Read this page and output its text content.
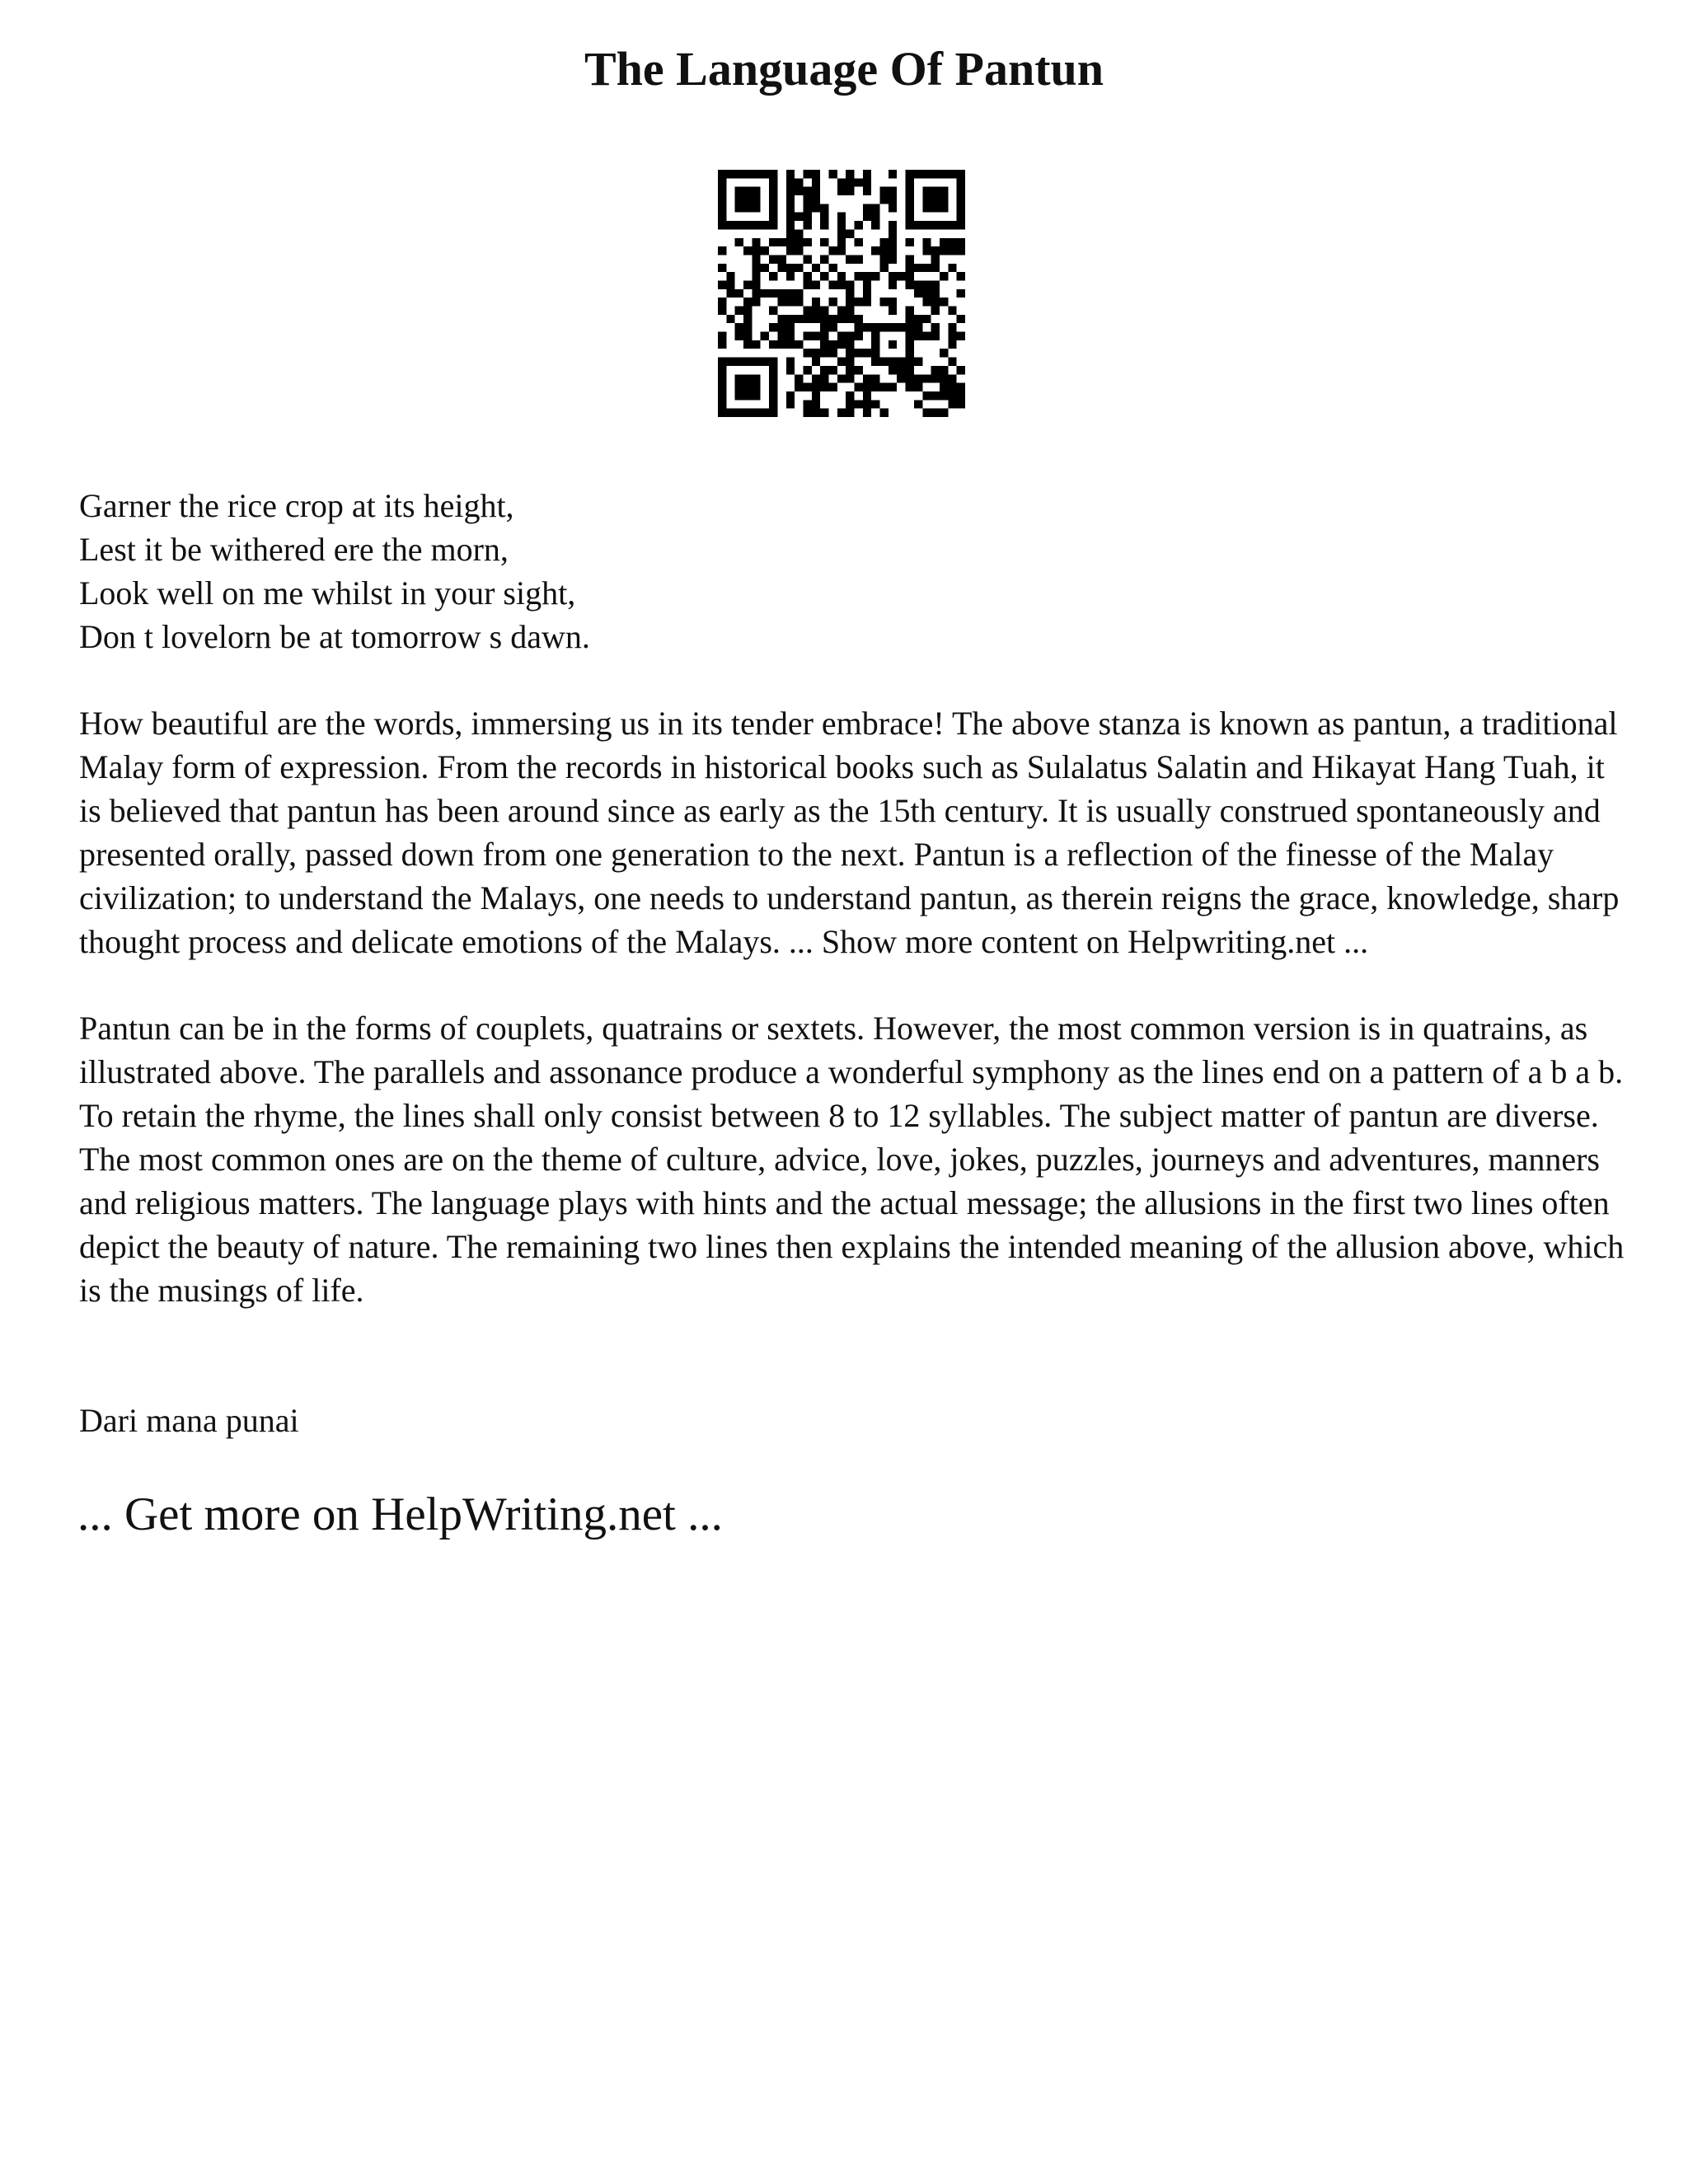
The Language Of Pantun
Garner the rice crop at its height,
Lest it be withered ere the morn,
Look well on me whilst in your sight,
Don t lovelorn be at tomorrow s dawn.

How beautiful are the words, immersing us in its tender embrace! The above stanza is known as pantun, a traditional Malay form of expression. From the records in historical books such as Sulalatus Salatin and Hikayat Hang Tuah, it is believed that pantun has been around since as early as the 15th century. It is usually construed spontaneously and presented orally, passed down from one generation to the next. Pantun is a reflection of the finesse of the Malay civilization; to understand the Malays, one needs to understand pantun, as therein reigns the grace, knowledge, sharp thought process and delicate emotions of the Malays. ... Show more content on Helpwriting.net ...

Pantun can be in the forms of couplets, quatrains or sextets. However, the most common version is in quatrains, as illustrated above. The parallels and assonance produce a wonderful symphony as the lines end on a pattern of a b a b. To retain the rhyme, the lines shall only consist between 8 to 12 syllables. The subject matter of pantun are diverse. The most common ones are on the theme of culture, advice, love, jokes, puzzles, journeys and adventures, manners and religious matters. The language plays with hints and the actual message; the allusions in the first two lines often depict the beauty of nature. The remaining two lines then explains the intended meaning of the allusion above, which is the musings of life.

Dari mana punai

... Get more on HelpWriting.net ...
